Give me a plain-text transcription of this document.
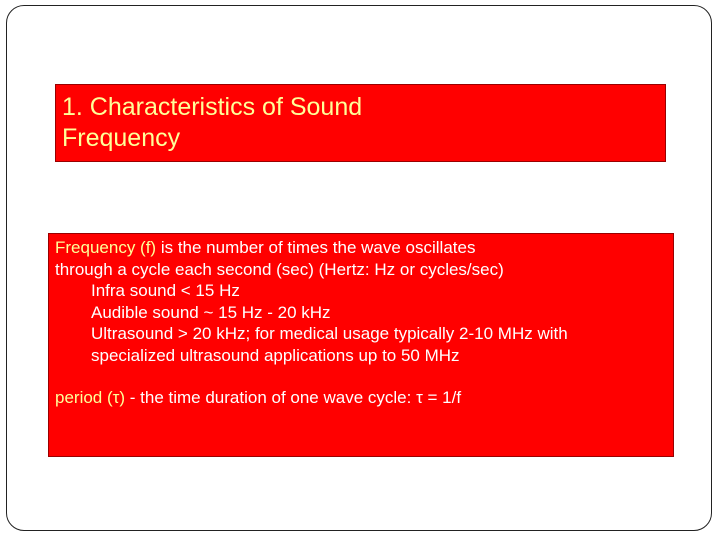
1. Characteristics of Sound
Frequency
Frequency (f) is the number of times the wave oscillates
through a cycle each second (sec) (Hertz: Hz or cycles/sec)
Infra sound < 15 Hz
Audible sound ~ 15 Hz - 20 kHz
Ultrasound > 20 kHz; for medical usage typically 2-10 MHz with
specialized ultrasound applications up to 50 MHz
period (τ) - the time duration of one wave cycle: τ = 1/f
